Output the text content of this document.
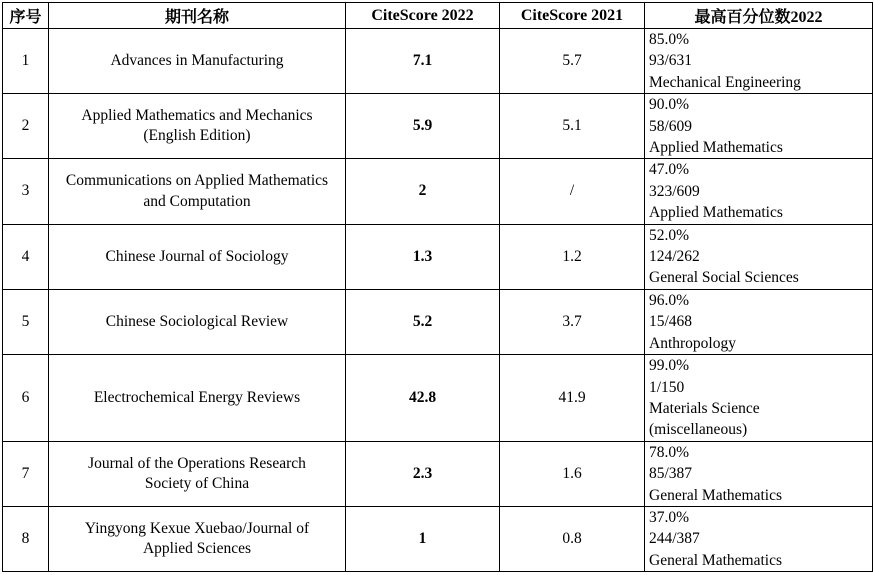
序号	期刊名称	CiteScore 2022	CiteScore 2021	最高百分位数2022
1	Advances in Manufacturing	7.1	5.7	85.0%
93/631
Mechanical Engineering

2	Applied Mathematics and Mechanics (English Edition)	5.9	5.1	90.0%
58/609
Applied Mathematics

3	Communications on Applied Mathematics and Computation	2	/	47.0%
323/609
Applied Mathematics

4	Chinese Journal of Sociology	1.3	1.2	52.0%
124/262
General Social Sciences

5	Chinese Sociological Review	5.2	3.7	96.0%
15/468
Anthropology

6	Electrochemical Energy Reviews	42.8	41.9	99.0%
1/150
Materials Science
(miscellaneous)

7	Journal of the Operations Research Society of China	2.3	1.6	78.0%
85/387
General Mathematics

8	Yingyong Kexue Xuebao/Journal of Applied Sciences	1	0.8	37.0%
244/387
General Mathematics
